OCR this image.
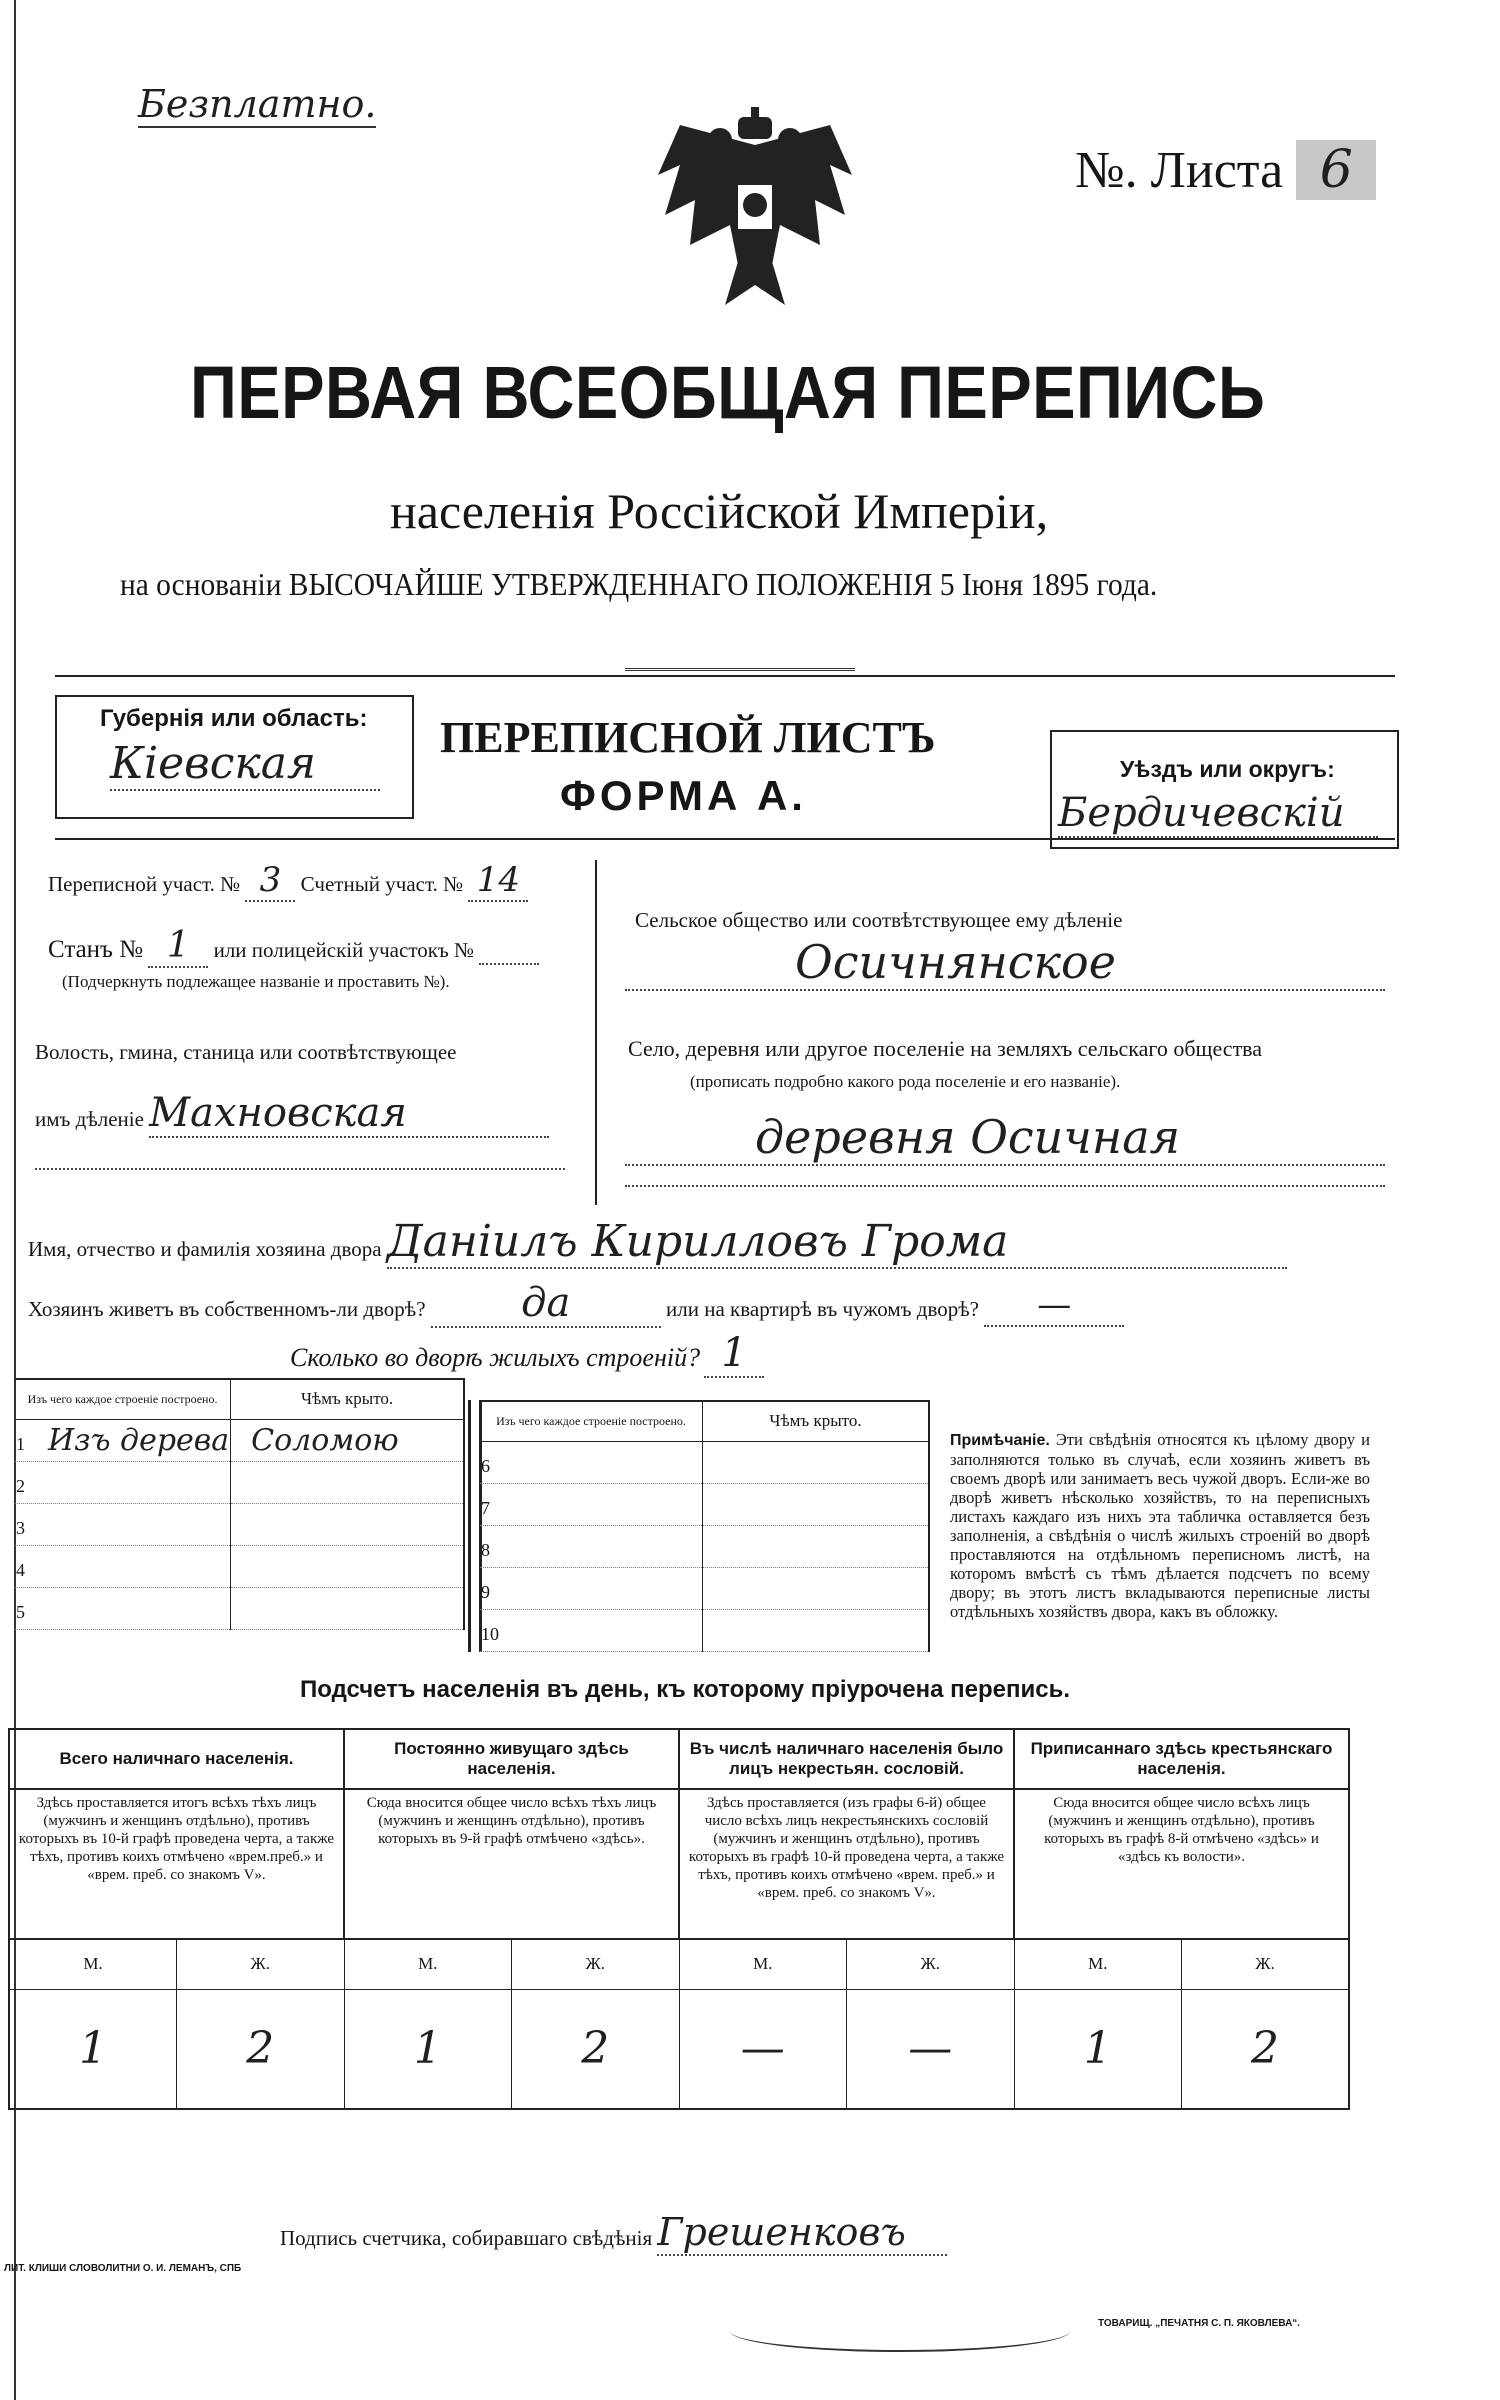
Безплатно.
№. Листа 6
ПЕРВАЯ ВСЕОБЩАЯ ПЕРЕПИСЬ
населенія Россійской Имперіи,
на основаніи ВЫСОЧАЙШЕ УТВЕРЖДЕННАГО ПОЛОЖЕНІЯ 5 Іюня 1895 года.
Губернія или область:
Кіевская
ПЕРЕПИСНОЙ ЛИСТЪ
ФОРМА А.
Уѣздъ или округъ:
Бердичевскій
Переписной участ. № 3 Счетный участ. № 14
Станъ № 1 или полицейскій участокъ №
(Подчеркнуть подлежащее названіе и проставить №).
Волость, гмина, станица или соотвѣтствующее
имъ дѣленіе Махновская
Сельское общество или соотвѣтствующее ему дѣленіе
Осичнянское
Село, деревня или другое поселеніе на земляхъ сельскаго общества
(прописать подробно какого рода поселеніе и его названіе).
деревня Осичная
Имя, отчество и фамилія хозяина двора Даніилъ Кирилловъ Грома
Хозяинъ живетъ въ собственномъ-ли дворѣ? да	или на квартирѣ въ чужомъ дворѣ? —
Сколько во дворѣ жилыхъ строеній? 1
Изъ чего каждое строеніе построено.	Чѣмъ крыто.
1 Изъ дерева	Соломою
2	
3	
4	
5	
Изъ чего каждое строеніе построено.	Чѣмъ крыто.
6	
7	
8	
9	
10	
Примѣчаніе. Эти свѣдѣнія относятся къ цѣлому двору и заполняются только въ случаѣ, если хозяинъ живетъ въ своемъ дворѣ или занимаетъ весь чужой дворъ. Если-же во дворѣ живетъ нѣсколько хозяйствъ, то на переписныхъ листахъ каждаго изъ нихъ эта табличка оставляется безъ заполненія, а свѣдѣнія о числѣ жилыхъ строеній во дворѣ проставляются на отдѣльномъ переписномъ листѣ, на которомъ вмѣстѣ съ тѣмъ дѣлается подсчетъ по всему двору; въ этотъ листъ вкладываются переписные листы отдѣльныхъ хозяйствъ двора, какъ въ обложку.
Подсчетъ населенія въ день, къ которому пріурочена перепись.
Всего наличнаго населенія.		Постоянно живущаго здѣсь населенія.		Въ числѣ наличнаго населенія было лицъ некрестьян. сословій.		Приписаннаго здѣсь крестьянскаго населенія.	
Здѣсь проставляется итогъ всѣхъ тѣхъ лицъ (мужчинъ и женщинъ отдѣльно), противъ которыхъ въ 10-й графѣ проведена черта, а также тѣхъ, противъ коихъ отмѣчено «врем.преб.» и «врем. преб. со знакомъ V».		Сюда вносится общее число всѣхъ тѣхъ лицъ (мужчинъ и женщинъ отдѣльно), противъ которыхъ въ 9-й графѣ отмѣчено «здѣсь».		Здѣсь проставляется (изъ графы 6-й) общее число всѣхъ лицъ некрестьянскихъ сословій (мужчинъ и женщинъ отдѣльно), противъ которыхъ въ графѣ 10-й проведена черта, а также тѣхъ, противъ коихъ отмѣчено «врем. преб.» и «врем. преб. со знакомъ V».		Сюда вносится общее число всѣхъ лицъ (мужчинъ и женщинъ отдѣльно), противъ которыхъ въ графѣ 8-й отмѣчено «здѣсь» и «здѣсь къ волости».	
М.	Ж.	М.	Ж.	М.	Ж.	М.	Ж.
1	2	1	2	—	—	1	2
Подпись счетчика, собиравшаго свѣдѣнія Грешенковъ
ЛИТ. КЛИШИ СЛОВОЛИТНИ О. И. ЛЕМАНЪ, СПБ
ТОВАРИЩ. „ПЕЧАТНЯ С. П. ЯКОВЛЕВА“.
